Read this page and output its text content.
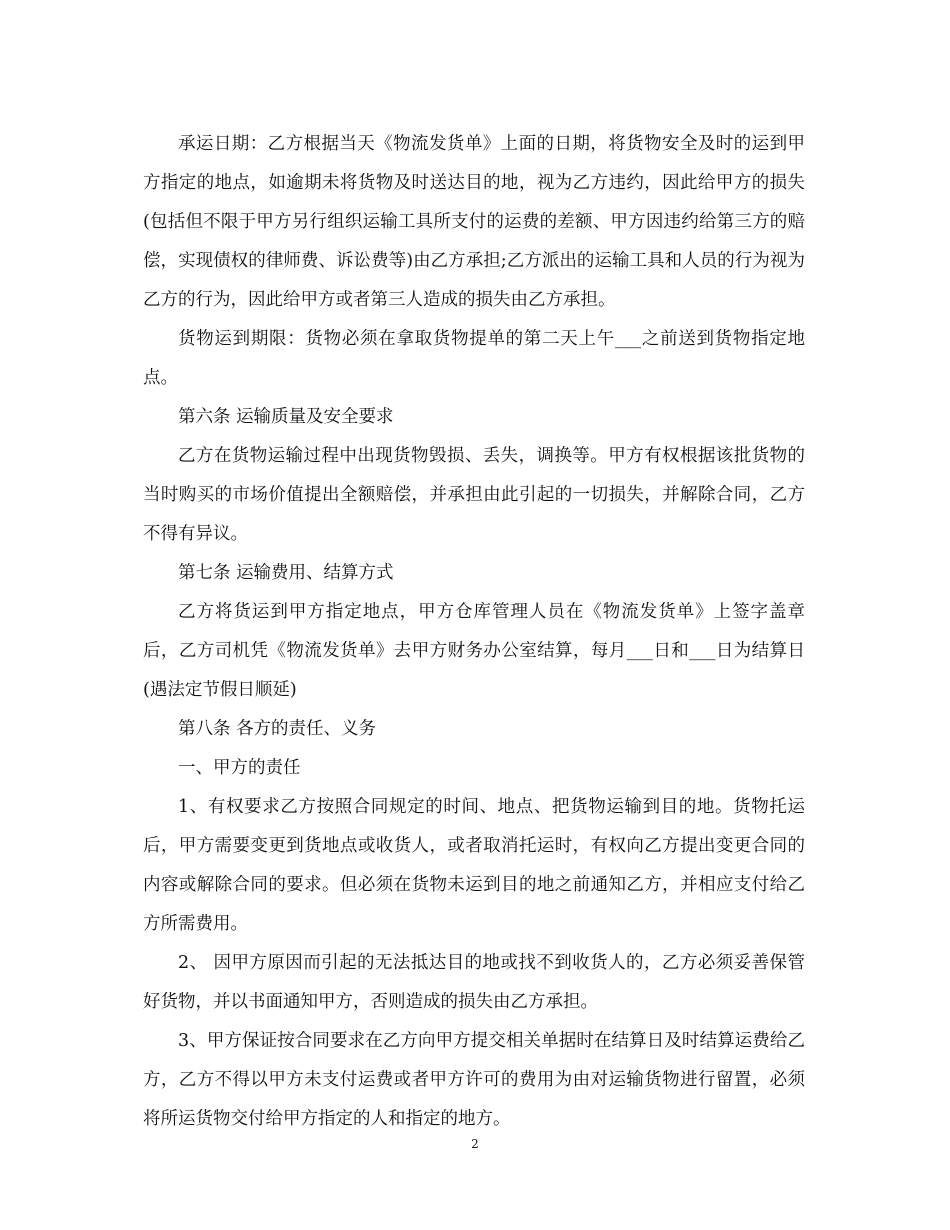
承运日期：乙方根据当天《物流发货单》上面的日期，将货物安全及时的运到甲方指定的地点，如逾期未将货物及时送达目的地，视为乙方违约，因此给甲方的损失(包括但不限于甲方另行组织运输工具所支付的运费的差额、甲方因违约给第三方的赔偿，实现债权的律师费、诉讼费等)由乙方承担;乙方派出的运输工具和人员的行为视为乙方的行为，因此给甲方或者第三人造成的损失由乙方承担。

货物运到期限：货物必须在拿取货物提单的第二天上午___之前送到货物指定地点。

第六条 运输质量及安全要求

乙方在货物运输过程中出现货物毁损、丢失，调换等。甲方有权根据该批货物的当时购买的市场价值提出全额赔偿，并承担由此引起的一切损失，并解除合同，乙方不得有异议。

第七条 运输费用、结算方式

乙方将货运到甲方指定地点，甲方仓库管理人员在《物流发货单》上签字盖章后，乙方司机凭《物流发货单》去甲方财务办公室结算，每月___日和___日为结算日(遇法定节假日顺延)

第八条 各方的责任、义务

一、甲方的责任

1、有权要求乙方按照合同规定的时间、地点、把货物运输到目的地。货物托运后，甲方需要变更到货地点或收货人，或者取消托运时，有权向乙方提出变更合同的内容或解除合同的要求。但必须在货物未运到目的地之前通知乙方，并相应支付给乙方所需费用。

2、 因甲方原因而引起的无法抵达目的地或找不到收货人的，乙方必须妥善保管好货物，并以书面通知甲方，否则造成的损失由乙方承担。

3、甲方保证按合同要求在乙方向甲方提交相关单据时在结算日及时结算运费给乙方，乙方不得以甲方未支付运费或者甲方许可的费用为由对运输货物进行留置，必须将所运货物交付给甲方指定的人和指定的地方。

2
